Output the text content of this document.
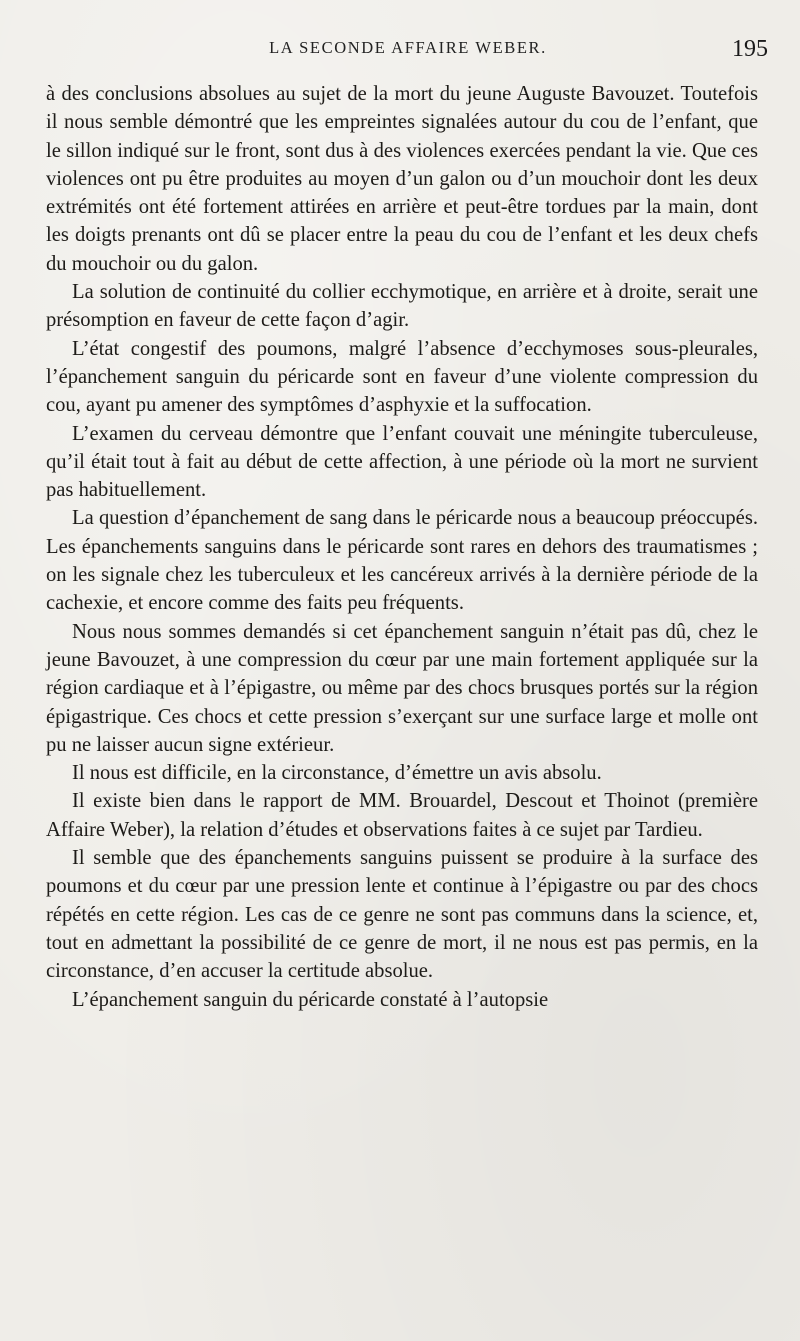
LA SECONDE AFFAIRE WEBER.	195

à des conclusions absolues au sujet de la mort du jeune Auguste Bavouzet. Toutefois il nous semble démontré que les empreintes signalées autour du cou de l’enfant, que le sillon indiqué sur le front, sont dus à des violences exercées pendant la vie. Que ces violences ont pu être produites au moyen d’un galon ou d’un mouchoir dont les deux extrémités ont été fortement attirées en arrière et peut-être tordues par la main, dont les doigts prenants ont dû se placer entre la peau du cou de l’enfant et les deux chefs du mouchoir ou du galon.

La solution de continuité du collier ecchymotique, en arrière et à droite, serait une présomption en faveur de cette façon d’agir.

L’état congestif des poumons, malgré l’absence d’ecchymoses sous-pleurales, l’épanchement sanguin du péricarde sont en faveur d’une violente compression du cou, ayant pu amener des symptômes d’asphyxie et la suffocation.

L’examen du cerveau démontre que l’enfant couvait une méningite tuberculeuse, qu’il était tout à fait au début de cette affection, à une période où la mort ne survient pas habituellement.

La question d’épanchement de sang dans le péricarde nous a beaucoup préoccupés. Les épanchements sanguins dans le péricarde sont rares en dehors des traumatismes ; on les signale chez les tuberculeux et les cancéreux arrivés à la dernière période de la cachexie, et encore comme des faits peu fréquents.

Nous nous sommes demandés si cet épanchement sanguin n’était pas dû, chez le jeune Bavouzet, à une compression du cœur par une main fortement appliquée sur la région cardiaque et à l’épigastre, ou même par des chocs brusques portés sur la région épigastrique. Ces chocs et cette pression s’exerçant sur une surface large et molle ont pu ne laisser aucun signe extérieur.

Il nous est difficile, en la circonstance, d’émettre un avis absolu.

Il existe bien dans le rapport de MM. Brouardel, Descout et Thoinot (première Affaire Weber), la relation d’études et observations faites à ce sujet par Tardieu.

Il semble que des épanchements sanguins puissent se produire à la surface des poumons et du cœur par une pression lente et continue à l’épigastre ou par des chocs répétés en cette région. Les cas de ce genre ne sont pas communs dans la science, et, tout en admettant la possibilité de ce genre de mort, il ne nous est pas permis, en la circonstance, d’en accuser la certitude absolue.

L’épanchement sanguin du péricarde constaté à l’autopsie
